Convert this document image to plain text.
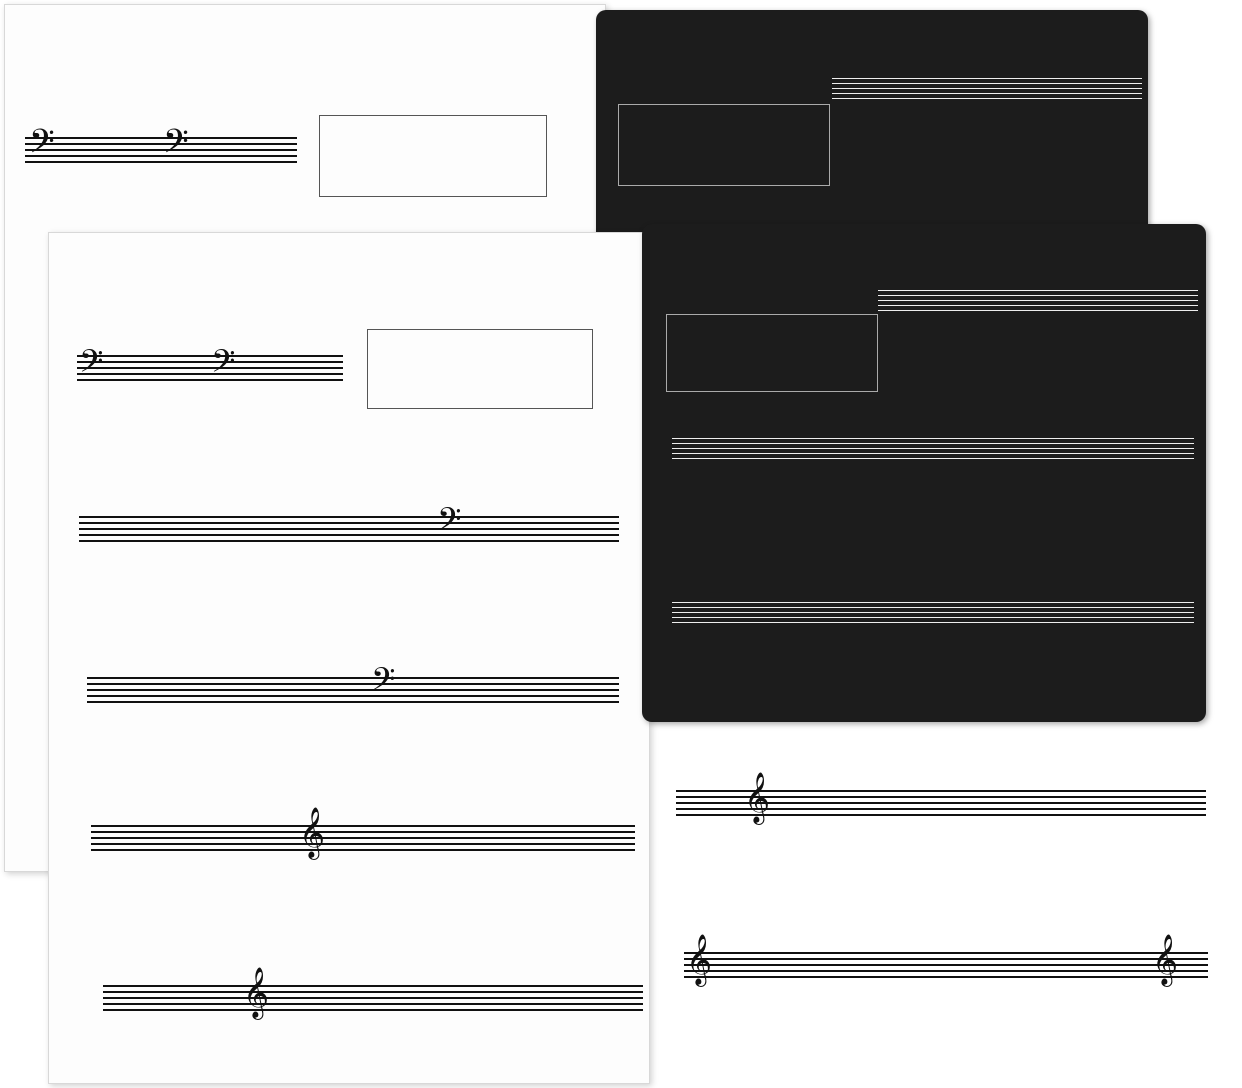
𝄢	𝄢
𝄢	𝄢
𝄢
𝄢
𝄞
𝄞
𝄞
𝄞	𝄞
